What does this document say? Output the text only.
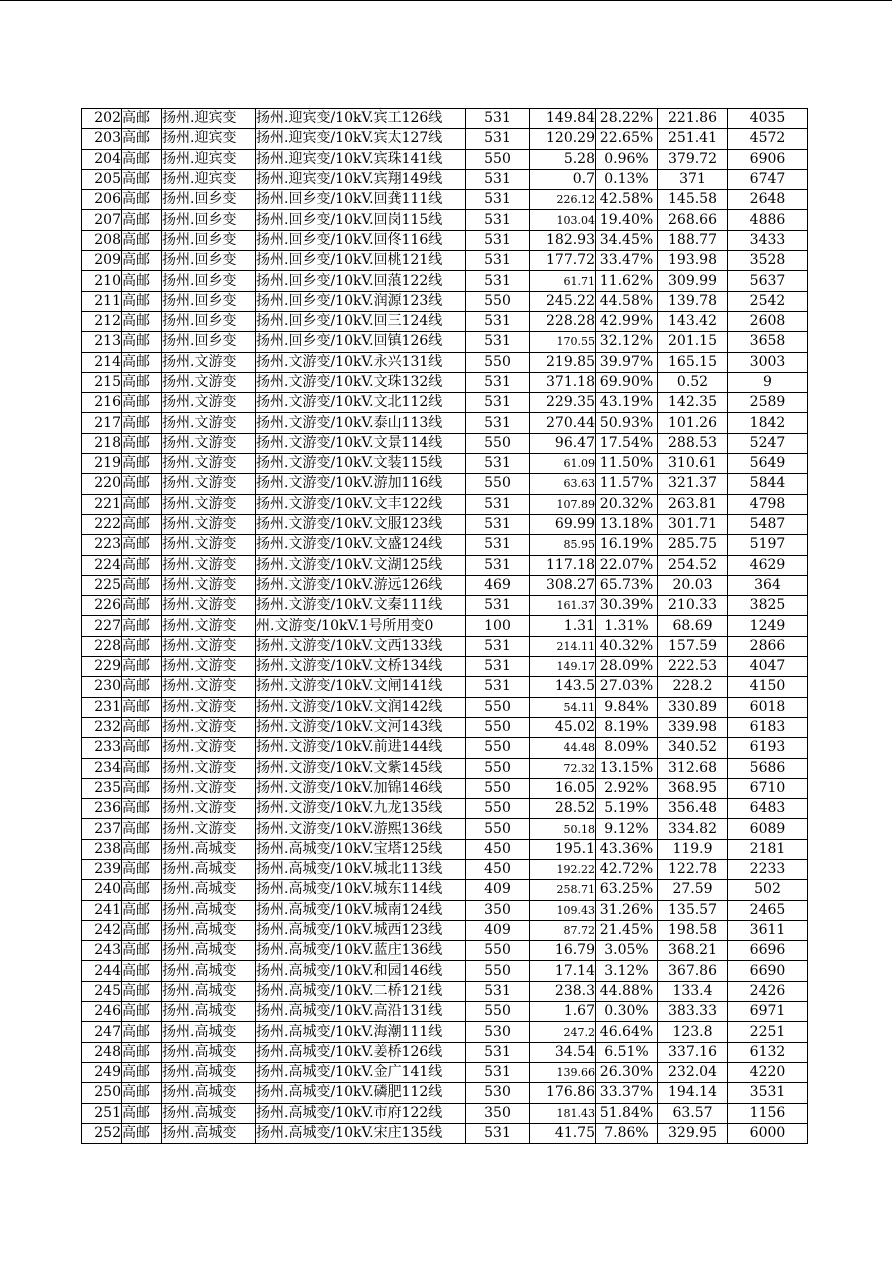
202	高邮	扬州.迎宾变	扬州.迎宾变/10kV.宾工126线	531	149.84	28.22%	221.86	4035
203	高邮	扬州.迎宾变	扬州.迎宾变/10kV.宾太127线	531	120.29	22.65%	251.41	4572
204	高邮	扬州.迎宾变	扬州.迎宾变/10kV.宾珠141线	550	5.28	0.96%	379.72	6906
205	高邮	扬州.迎宾变	扬州.迎宾变/10kV.宾翔149线	531	0.7	0.13%	371	6747
206	高邮	扬州.回乡变	扬州.回乡变/10kV.回龚111线	531	226.12	42.58%	145.58	2648
207	高邮	扬州.回乡变	扬州.回乡变/10kV.回岗115线	531	103.04	19.40%	268.66	4886
208	高邮	扬州.回乡变	扬州.回乡变/10kV.回佟116线	531	182.93	34.45%	188.77	3433
209	高邮	扬州.回乡变	扬州.回乡变/10kV.回桃121线	531	177.72	33.47%	193.98	3528
210	高邮	扬州.回乡变	扬州.回乡变/10kV.回蒗122线	531	61.71	11.62%	309.99	5637
211	高邮	扬州.回乡变	扬州.回乡变/10kV.润源123线	550	245.22	44.58%	139.78	2542
212	高邮	扬州.回乡变	扬州.回乡变/10kV.回三124线	531	228.28	42.99%	143.42	2608
213	高邮	扬州.回乡变	扬州.回乡变/10kV.回镇126线	531	170.55	32.12%	201.15	3658
214	高邮	扬州.文游变	扬州.文游变/10kV.永兴131线	550	219.85	39.97%	165.15	3003
215	高邮	扬州.文游变	扬州.文游变/10kV.文珠132线	531	371.18	69.90%	0.52	9
216	高邮	扬州.文游变	扬州.文游变/10kV.文北112线	531	229.35	43.19%	142.35	2589
217	高邮	扬州.文游变	扬州.文游变/10kV.泰山113线	531	270.44	50.93%	101.26	1842
218	高邮	扬州.文游变	扬州.文游变/10kV.文景114线	550	96.47	17.54%	288.53	5247
219	高邮	扬州.文游变	扬州.文游变/10kV.文装115线	531	61.09	11.50%	310.61	5649
220	高邮	扬州.文游变	扬州.文游变/10kV.游加116线	550	63.63	11.57%	321.37	5844
221	高邮	扬州.文游变	扬州.文游变/10kV.文丰122线	531	107.89	20.32%	263.81	4798
222	高邮	扬州.文游变	扬州.文游变/10kV.文服123线	531	69.99	13.18%	301.71	5487
223	高邮	扬州.文游变	扬州.文游变/10kV.文盛124线	531	85.95	16.19%	285.75	5197
224	高邮	扬州.文游变	扬州.文游变/10kV.文湖125线	531	117.18	22.07%	254.52	4629
225	高邮	扬州.文游变	扬州.文游变/10kV.游远126线	469	308.27	65.73%	20.03	364
226	高邮	扬州.文游变	扬州.文游变/10kV.文秦111线	531	161.37	30.39%	210.33	3825
227	高邮	扬州.文游变	州.文游变/10kV.1号所用变0	100	1.31	1.31%	68.69	1249
228	高邮	扬州.文游变	扬州.文游变/10kV.文西133线	531	214.11	40.32%	157.59	2866
229	高邮	扬州.文游变	扬州.文游变/10kV.文桥134线	531	149.17	28.09%	222.53	4047
230	高邮	扬州.文游变	扬州.文游变/10kV.文闸141线	531	143.5	27.03%	228.2	4150
231	高邮	扬州.文游变	扬州.文游变/10kV.文润142线	550	54.11	9.84%	330.89	6018
232	高邮	扬州.文游变	扬州.文游变/10kV.文河143线	550	45.02	8.19%	339.98	6183
233	高邮	扬州.文游变	扬州.文游变/10kV.前进144线	550	44.48	8.09%	340.52	6193
234	高邮	扬州.文游变	扬州.文游变/10kV.文紫145线	550	72.32	13.15%	312.68	5686
235	高邮	扬州.文游变	扬州.文游变/10kV.加锦146线	550	16.05	2.92%	368.95	6710
236	高邮	扬州.文游变	扬州.文游变/10kV.九龙135线	550	28.52	5.19%	356.48	6483
237	高邮	扬州.文游变	扬州.文游变/10kV.游熙136线	550	50.18	9.12%	334.82	6089
238	高邮	扬州.高城变	扬州.高城变/10kV.宝塔125线	450	195.1	43.36%	119.9	2181
239	高邮	扬州.高城变	扬州.高城变/10kV.城北113线	450	192.22	42.72%	122.78	2233
240	高邮	扬州.高城变	扬州.高城变/10kV.城东114线	409	258.71	63.25%	27.59	502
241	高邮	扬州.高城变	扬州.高城变/10kV.城南124线	350	109.43	31.26%	135.57	2465
242	高邮	扬州.高城变	扬州.高城变/10kV.城西123线	409	87.72	21.45%	198.58	3611
243	高邮	扬州.高城变	扬州.高城变/10kV.蓝庄136线	550	16.79	3.05%	368.21	6696
244	高邮	扬州.高城变	扬州.高城变/10kV.和园146线	550	17.14	3.12%	367.86	6690
245	高邮	扬州.高城变	扬州.高城变/10kV.二桥121线	531	238.3	44.88%	133.4	2426
246	高邮	扬州.高城变	扬州.高城变/10kV.高沿131线	550	1.67	0.30%	383.33	6971
247	高邮	扬州.高城变	扬州.高城变/10kV.海潮111线	530	247.2	46.64%	123.8	2251
248	高邮	扬州.高城变	扬州.高城变/10kV.姜桥126线	531	34.54	6.51%	337.16	6132
249	高邮	扬州.高城变	扬州.高城变/10kV.金广141线	531	139.66	26.30%	232.04	4220
250	高邮	扬州.高城变	扬州.高城变/10kV.磷肥112线	530	176.86	33.37%	194.14	3531
251	高邮	扬州.高城变	扬州.高城变/10kV.市府122线	350	181.43	51.84%	63.57	1156
252	高邮	扬州.高城变	扬州.高城变/10kV.宋庄135线	531	41.75	7.86%	329.95	6000
